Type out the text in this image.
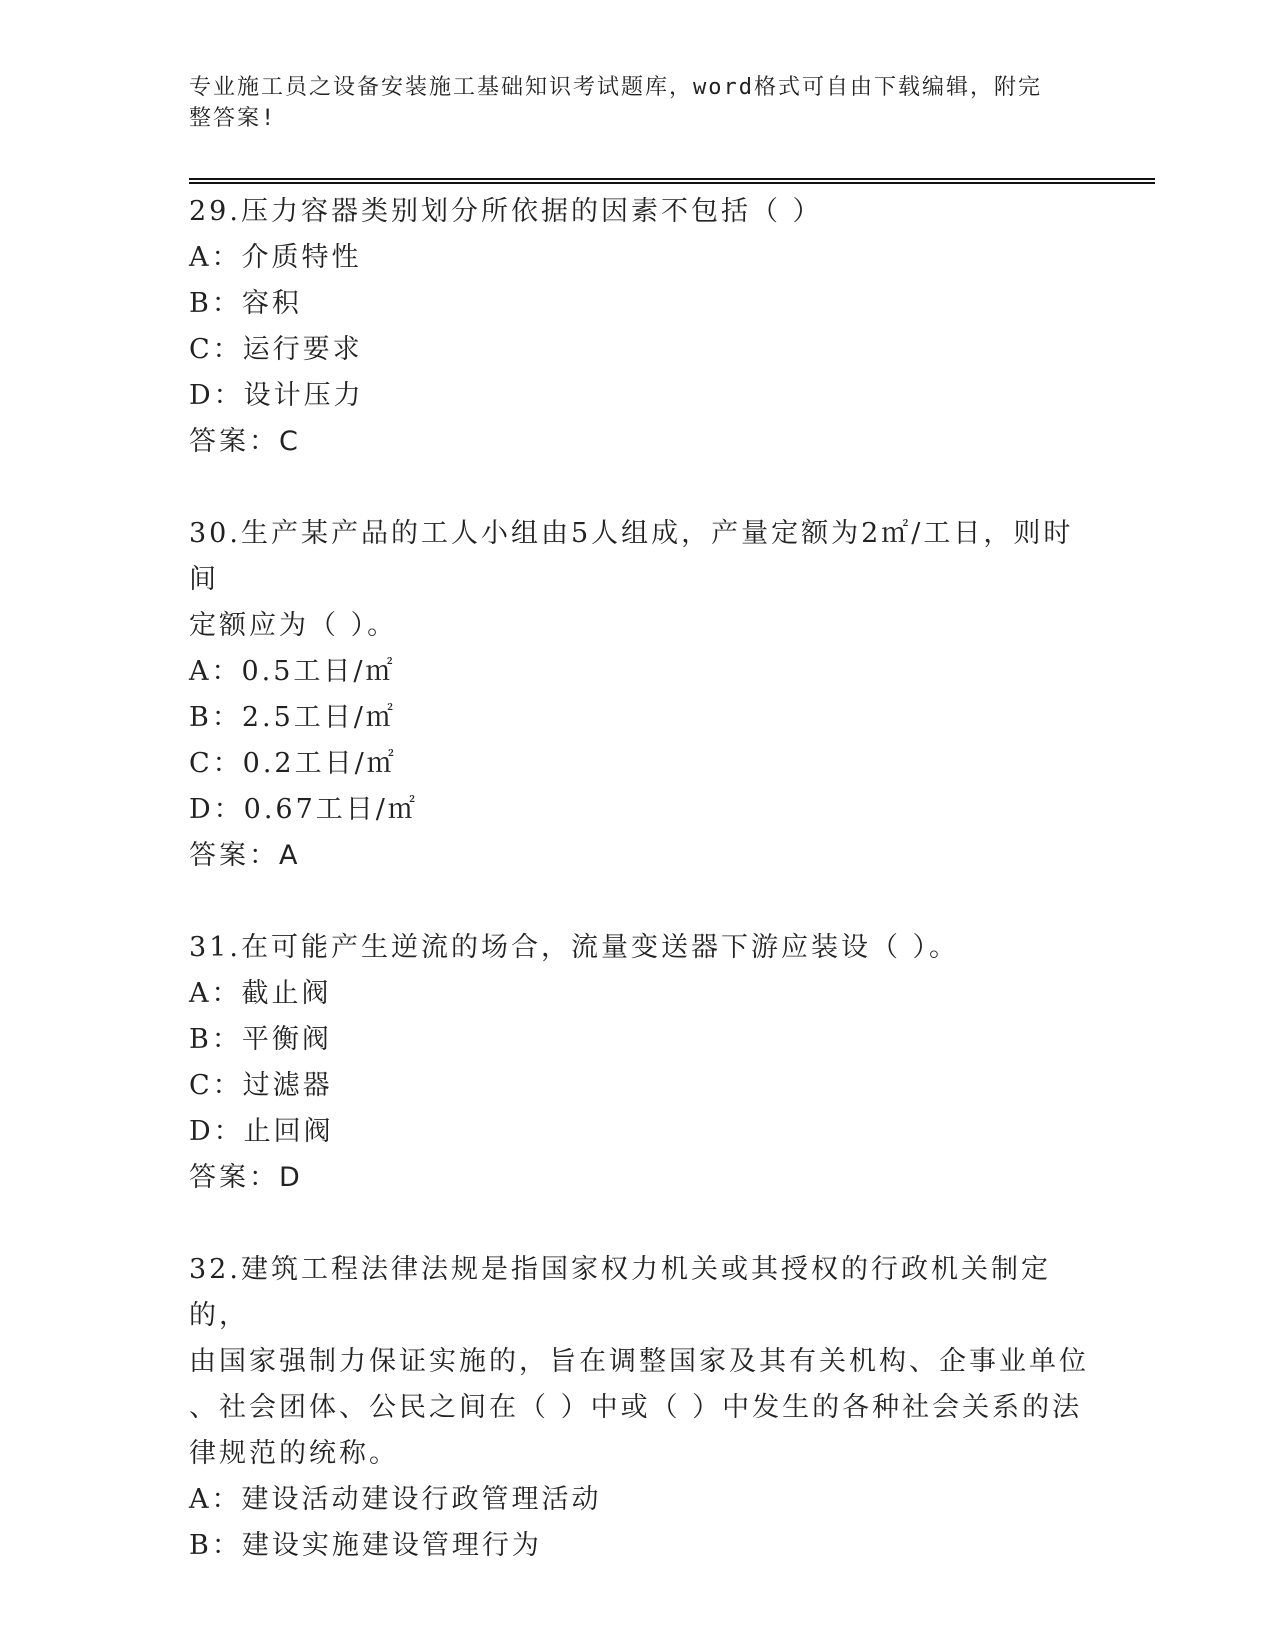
专业施工员之设备安装施工基础知识考试题库，word格式可自由下载编辑，附完
整答案!
29.压力容器类别划分所依据的因素不包括（ ）
A：介质特性
B：容积
C：运行要求
D：设计压力
答案：C
30.生产某产品的工人小组由5人组成，产量定额为2㎡/工日，则时间
定额应为（ ）。
A：0.5工日/㎡
B：2.5工日/㎡
C：0.2工日/㎡
D：0.67工日/㎡
答案：A
31.在可能产生逆流的场合，流量变送器下游应装设（ ）。
A：截止阀
B：平衡阀
C：过滤器
D：止回阀
答案：D
32.建筑工程法律法规是指国家权力机关或其授权的行政机关制定的，
由国家强制力保证实施的，旨在调整国家及其有关机构、企事业单位
、社会团体、公民之间在（ ）中或（ ）中发生的各种社会关系的法
律规范的统称。
A：建设活动建设行政管理活动
B：建设实施建设管理行为
